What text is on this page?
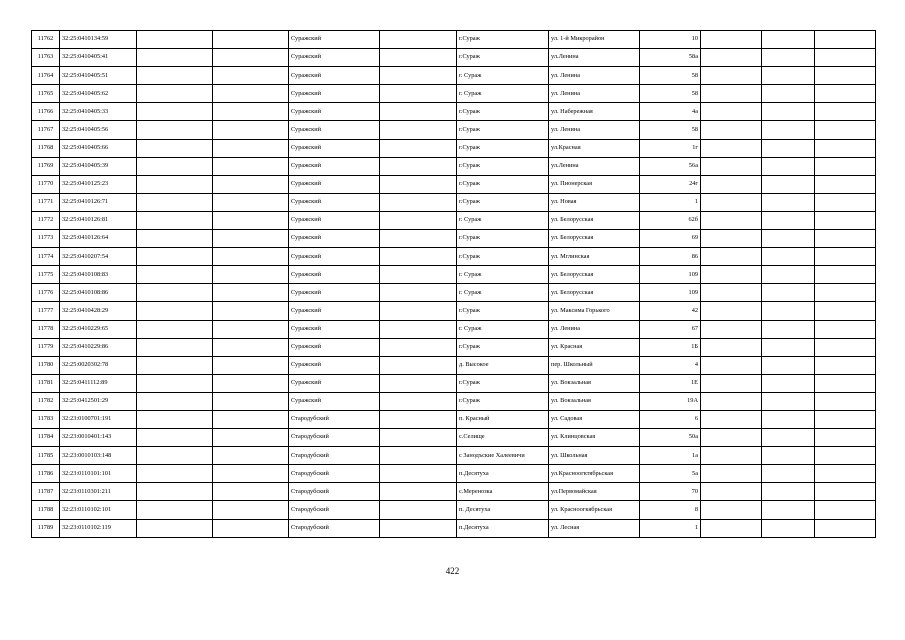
11762	32:25:0410134:59			Суражский		г.Сураж	ул. 1-й Микрорайон	10			
11763	32:25:0410405:41			Суражский		г.Сураж	ул.Ленина	58а			
11764	32:25:0410405:51			Суражский		г. Сураж	ул. Ленина	58			
11765	32:25:0410405:62			Суражский		г. Сураж	ул. Ленина	58			
11766	32:25:0410405:33			Суражский		г.Сураж	ул. Набережная	4а			
11767	32:25:0410405:56			Суражский		г.Сураж	ул. Ленина	58			
11768	32:25:0410405:66			Суражский		г.Сураж	ул.Красная	1г			
11769	32:25:0410405:39			Суражский		г.Сураж	ул.Ленина	56а			
11770	32:25:0410125:23			Суражский		г.Сураж	ул. Пионерская	24г			
11771	32:25:0410126:71			Суражский		г.Сураж	ул. Новая	1			
11772	32:25:0410126:81			Суражский		г. Сураж	ул. Белорусская	62б			
11773	32:25:0410126:64			Суражский		г.Сураж	ул. Белорусская	69			
11774	32:25:0410207:54			Суражский		г.Сураж	ул. Мглинская	86			
11775	32:25:0410108:83			Суражский		г. Сураж	ул. Белорусская	109			
11776	32:25:0410108:86			Суражский		г. Сураж	ул. Белорусская	109			
11777	32:25:0410428:29			Суражский		г.Сураж	ул. Максима Горького	42			
11778	32:25:0410229:65			Суражский		г. Сураж	ул. Ленина	67			
11779	32:25:0410229:86			Суражский		г.Сураж	ул. Красная	1Б			
11780	32:25:0020302:78			Суражский		д. Высокое	пер. Школьный	4			
11781	32:25:0411112:89			Суражский		г.Сураж	ул. Вокзальная	1Е			
11782	32:25:0412501:29			Суражский		г.Сураж	ул. Вокзальная	19А			
11783	32:23:0100701:191			Стародубский		п. Красный	ул. Садовая	6			
11784	32:23:0010401:143			Стародубский		с.Селище	ул. Клинцовская	50а			
11785	32:23:0010103:148			Стародубский		с Занодъские Халеевичи	ул. Школьная	1а			
11786	32:23:0110101:101			Стародубский		п.Десятуха	ул.Красноогктябрьская	5а			
11787	32:23:0110301:211			Стародубский		с.Меренозка	ул.Первомайская	70			
11788	32:23:0110102:101			Стародубский		п. Десятуха	ул. Красноогкябрьская	8			
11789	32:23:0110102:119			Стародубский		п.Десятуха	ул. Лесная	1			
422
